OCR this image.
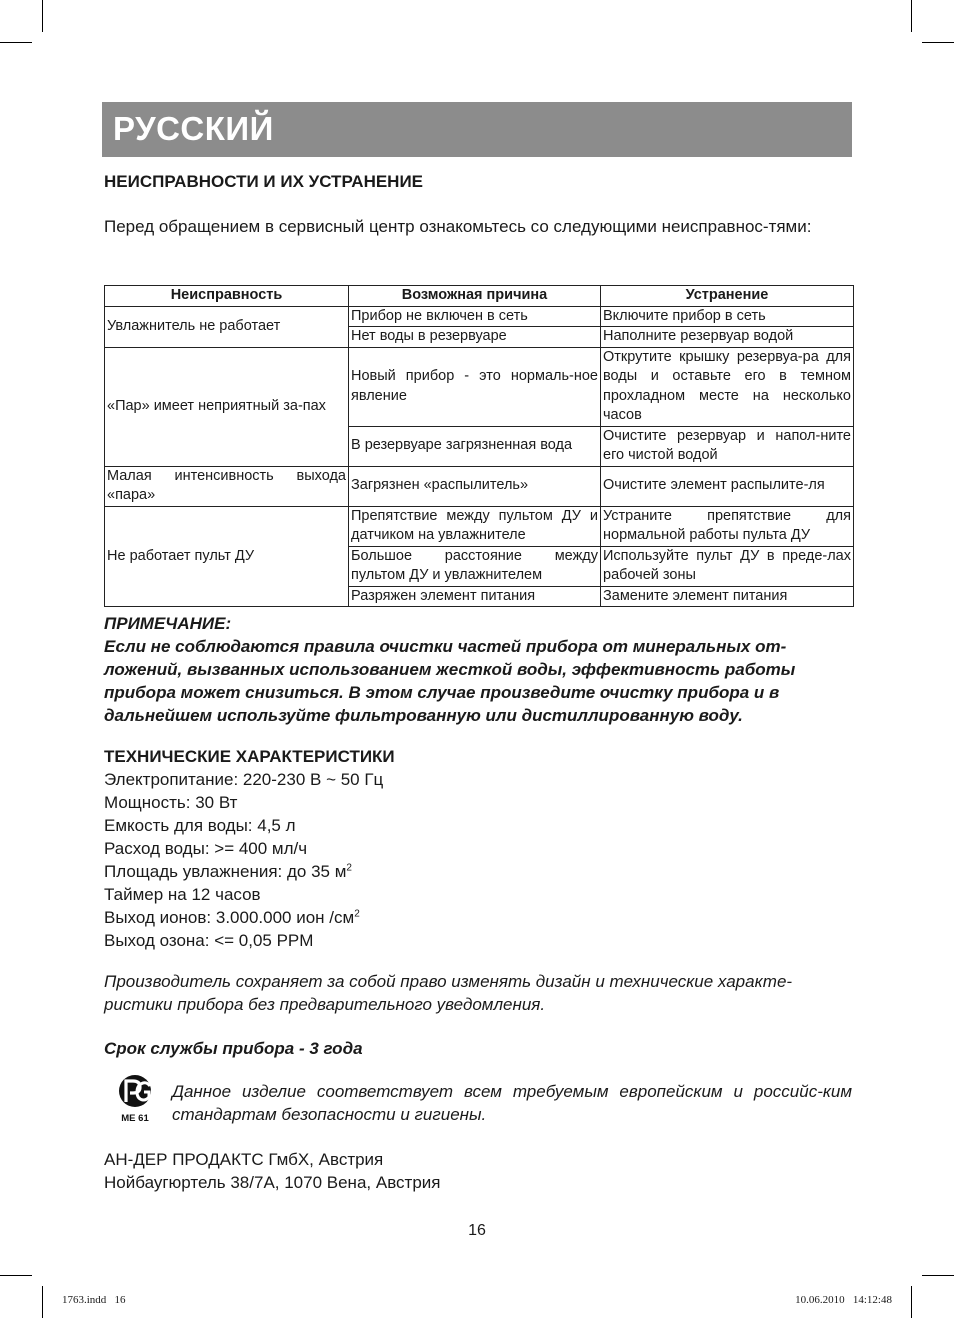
РУССКИЙ
НЕИСПРАВНОСТИ И ИХ УСТРАНЕНИЕ

Перед обращением в сервисный центр ознакомьтесь со следующими неисправнос-тями:

Неисправность	Возможная причина	Устранение
Увлажнитель не работает	Прибор не включен в сеть	Включите прибор в сеть
	Нет воды в резервуаре	Наполните резервуар водой
«Пар» имеет неприятный за-пах	Новый прибор - это нормаль-ное явление	Открутите крышку резервуа-ра для воды и оставьте его в темном прохладном месте на несколько часов
	В резервуаре загрязненная вода	Очистите резервуар и напол-ните его чистой водой
Малая интенсивность выхода «пара»	Загрязнен «распылитель»	Очистите элемент распылите-ля
Не работает пульт ДУ	Препятствие между пультом ДУ и датчиком на увлажнителе	Устраните препятствие для нормальной работы пульта ДУ
	Большое расстояние между пультом ДУ и увлажнителем	Используйте пульт ДУ в преде-лах рабочей зоны
	Разряжен элемент питания	Замените элемент питания

ПРИМЕЧАНИЕ:

Если не соблюдаются правила очистки частей прибора от минеральных от-ложений, вызванных использованием жесткой воды, эффективность работы прибора может снизиться. В этом случае произведите очистку прибора и в дальнейшем используйте фильтрованную или дистиллированную воду.

ТЕХНИЧЕСКИЕ ХАРАКТЕРИСТИКИ
Электропитание: 220-230 В ~ 50 Гц
Мощность: 30 Вт
Емкость для воды: 4,5 л
Расход воды: >= 400 мл/ч
Площадь увлажнения: до 35 $м^2$
Таймер на 12 часов
Выход ионов: 3.000.000 ион $/см^2$
Выход озона: <= 0,05 PPM

Производитель сохраняет за собой право изменять дизайн и технические характе-ристики прибора без предварительного уведомления.

Срок службы прибора - 3 года

ME 61
Данное изделие соответствует всем требуемым европейским и российс-ким стандартам безопасности и гигиены.
АН-ДЕР ПРОДАКТС ГмбХ, Австрия
Нойбаугюртель 38/7А, 1070 Вена, Австрия
16
1763.indd   16	10.06.2010   14:12:48
